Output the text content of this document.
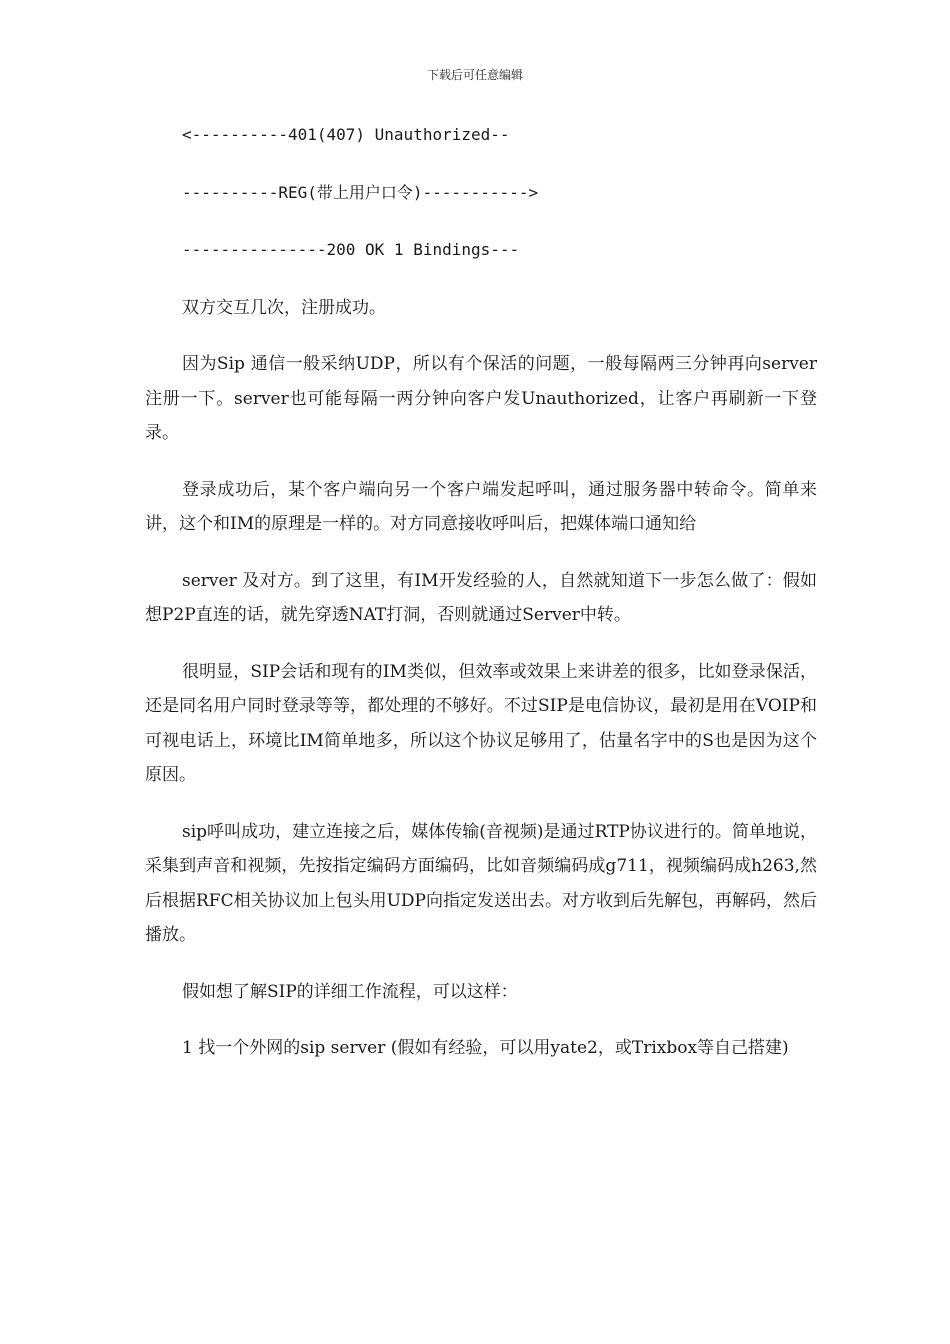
下载后可任意编辑
<----------401(407) Unauthorized--
----------REG(带上用户口令)----------->
---------------200 OK 1 Bindings---

双方交互几次，注册成功。

因为Sip 通信一般采纳UDP，所以有个保活的问题，一般每隔两三分钟再向server注册一下。server也可能每隔一两分钟向客户发Unauthorized，让客户再刷新一下登录。

登录成功后，某个客户端向另一个客户端发起呼叫，通过服务器中转命令。简单来讲，这个和IM的原理是一样的。对方同意接收呼叫后，把媒体端口通知给

server 及对方。到了这里，有IM开发经验的人，自然就知道下一步怎么做了：假如想P2P直连的话，就先穿透NAT打洞，否则就通过Server中转。

很明显，SIP会话和现有的IM类似，但效率或效果上来讲差的很多，比如登录保活， 还是同名用户同时登录等等，都处理的不够好。不过SIP是电信协议，最初是用在VOIP和可视电话上，环境比IM简单地多，所以这个协议足够用了，估量名字中的S也是因为这个原因。

sip呼叫成功，建立连接之后，媒体传输(音视频)是通过RTP协议进行的。简单地说，采集到声音和视频，先按指定编码方面编码，比如音频编码成g711，视频编码成h263,然后根据RFC相关协议加上包头用UDP向指定发送出去。对方收到后先解包，再解码，然后播放。

假如想了解SIP的详细工作流程，可以这样：

1 找一个外网的sip server (假如有经验，可以用yate2，或Trixbox等自己搭建)
